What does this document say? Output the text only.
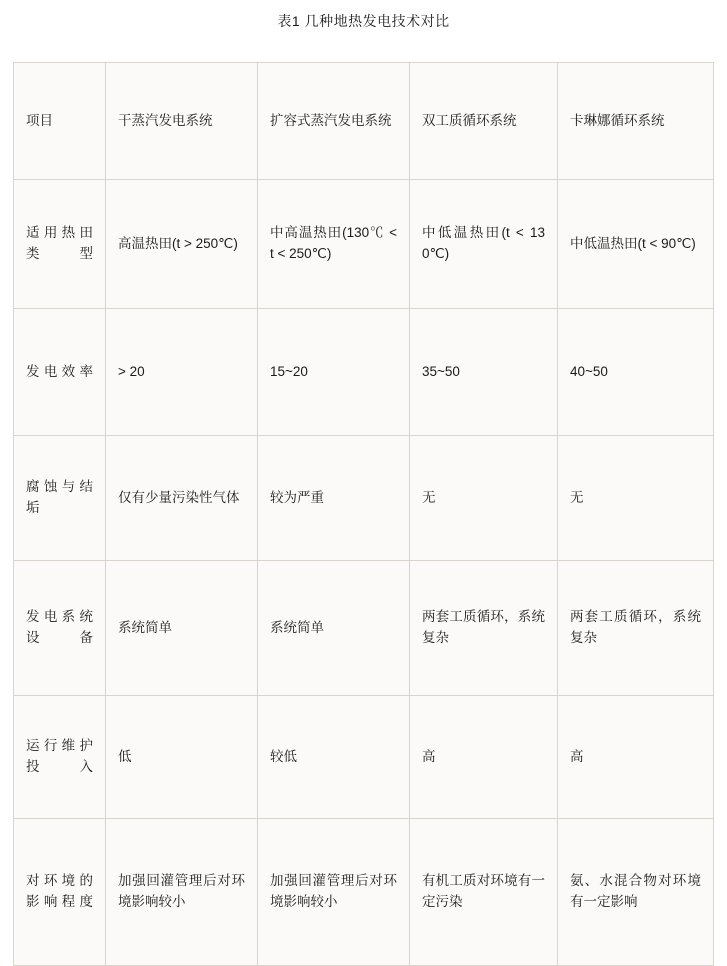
表1 几种地热发电技术对比
项目	干蒸汽发电系统	扩容式蒸汽发电系统	双工质循环系统	卡琳娜循环系统
适用热田类型	高温热田(t > 250℃)	中高温热田(130℃ < t < 250℃)	中低温热田(t < 130℃)	中低温热田(t < 90℃)
发电效率	> 20	15~20	35~50	40~50
腐蚀与结垢	仅有少量污染性气体	较为严重	无	无
发电系统设备	系统简单	系统简单	两套工质循环，系统复杂	两套工质循环，系统复杂
运行维护投入	低	较低	高	高
对环境的影响程度	加强回灌管理后对环境影响较小	加强回灌管理后对环境影响较小	有机工质对环境有一定污染	氨、水混合物对环境有一定影响
